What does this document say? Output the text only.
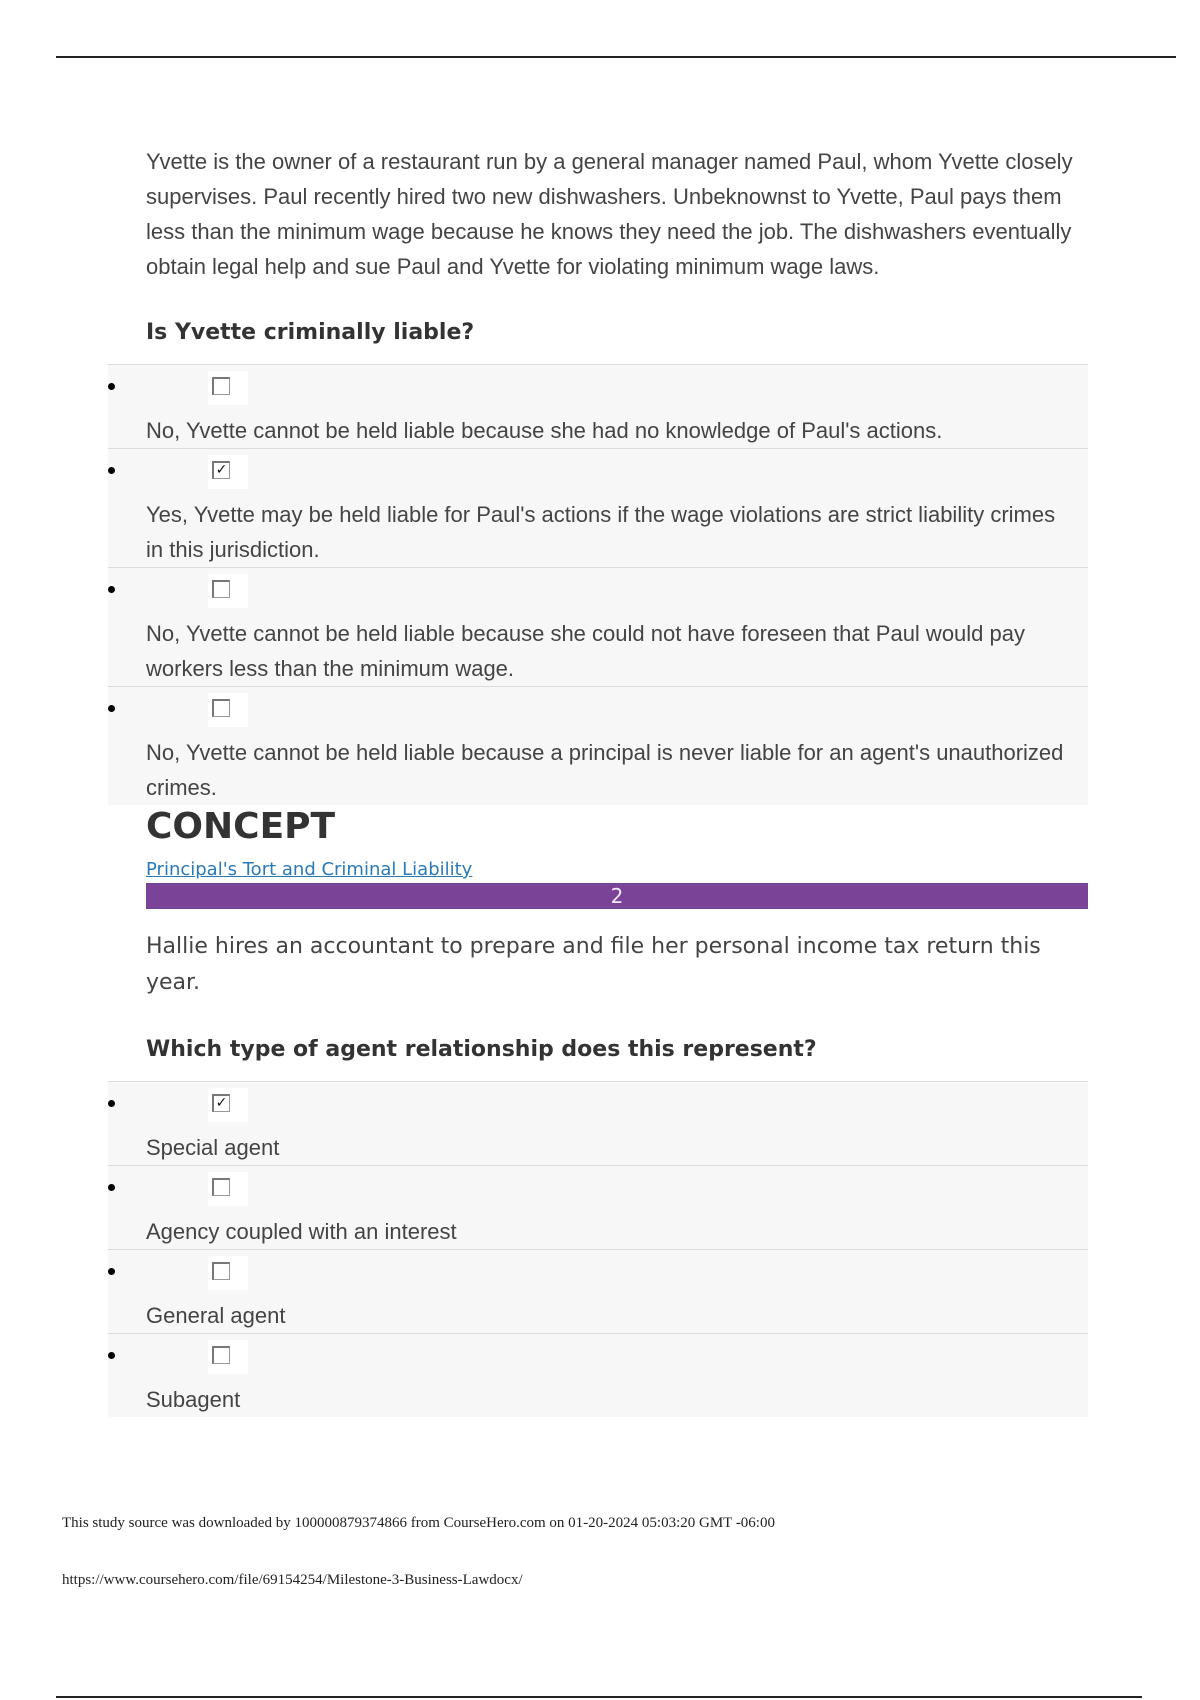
Yvette is the owner of a restaurant run by a general manager named Paul, whom Yvette closely supervises. Paul recently hired two new dishwashers. Unbeknownst to Yvette, Paul pays them less than the minimum wage because he knows they need the job. The dishwashers eventually obtain legal help and sue Paul and Yvette for violating minimum wage laws.

Is Yvette criminally liable?
No, Yvette cannot be held liable because she had no knowledge of Paul's actions.
✓
Yes, Yvette may be held liable for Paul's actions if the wage violations are strict liability crimes in this jurisdiction.
No, Yvette cannot be held liable because she could not have foreseen that Paul would pay workers less than the minimum wage.
No, Yvette cannot be held liable because a principal is never liable for an agent's unauthorized crimes.
CONCEPT
Principal's Tort and Criminal Liability
2

Hallie hires an accountant to prepare and file her personal income tax return this year.

Which type of agent relationship does this represent?
✓
Special agent
Agency coupled with an interest
General agent
Subagent
This study source was downloaded by 100000879374866 from CourseHero.com on 01-20-2024 05:03:20 GMT -06:00
https://www.coursehero.com/file/69154254/Milestone-3-Business-Lawdocx/
